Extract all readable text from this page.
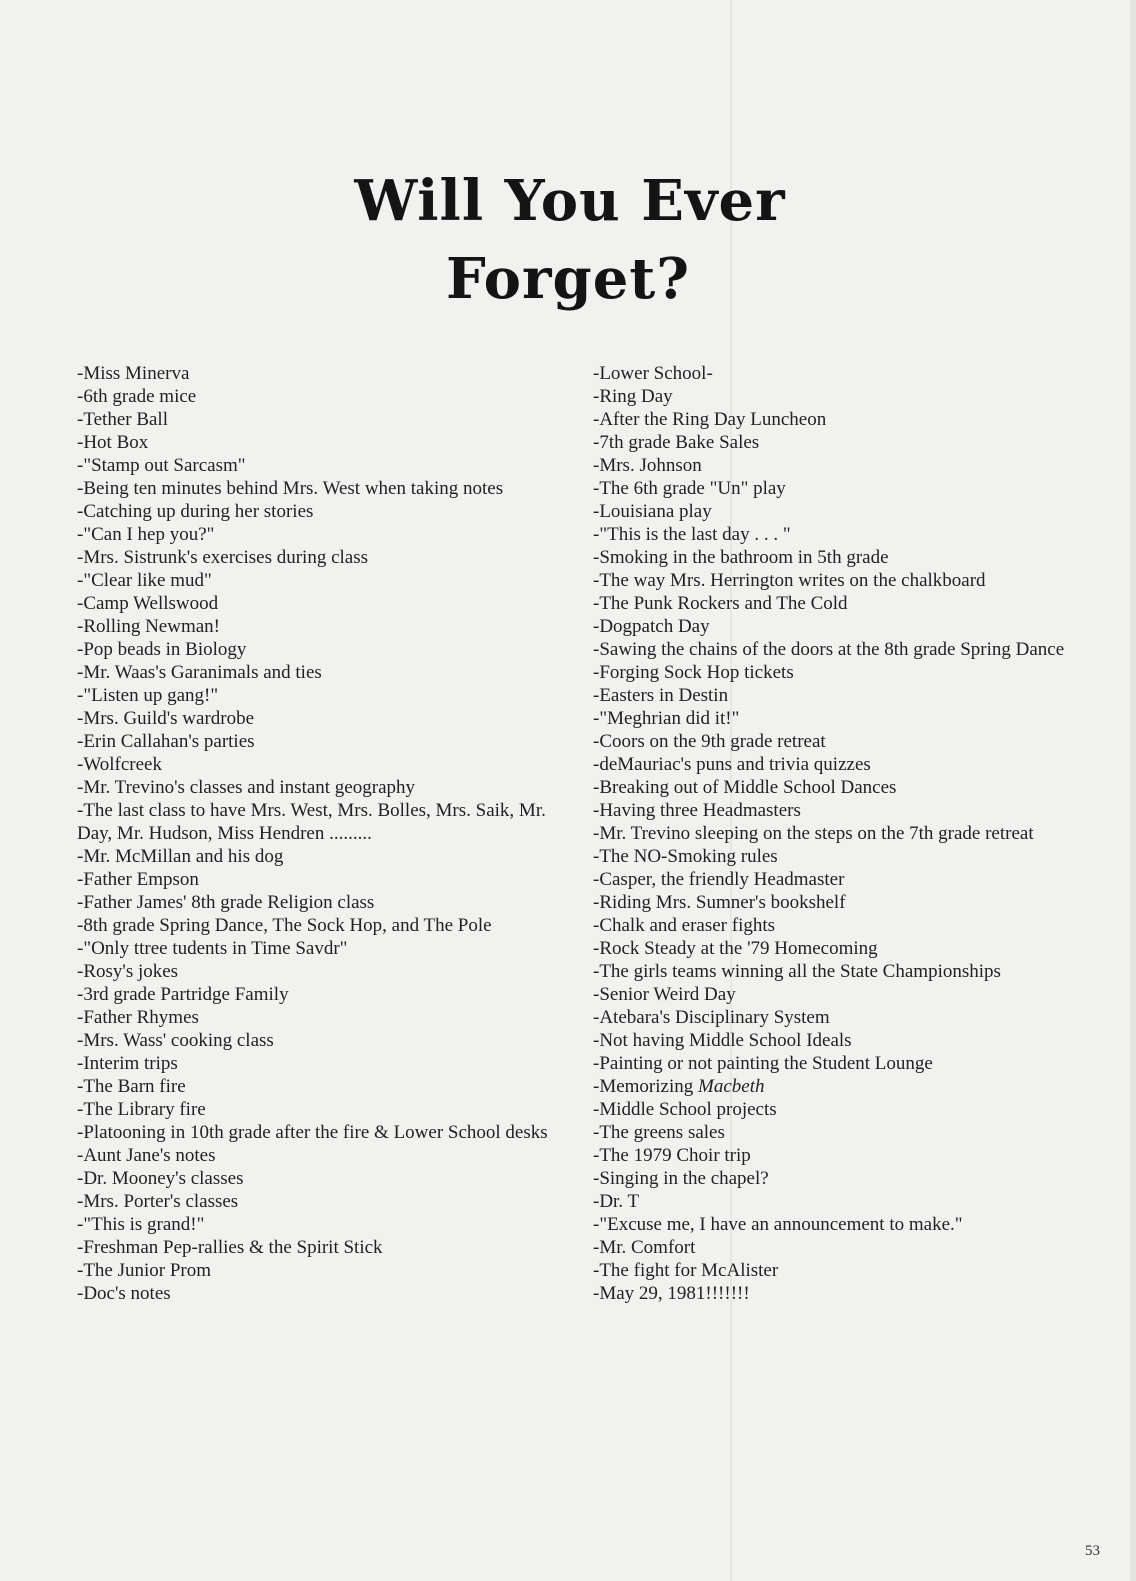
Will You Ever
Forget?
-Miss Minerva
-6th grade mice
-Tether Ball
-Hot Box
-"Stamp out Sarcasm"
-Being ten minutes behind Mrs. West when taking notes
-Catching up during her stories
-"Can I hep you?"
-Mrs. Sistrunk's exercises during class
-"Clear like mud"
-Camp Wellswood
-Rolling Newman!
-Pop beads in Biology
-Mr. Waas's Garanimals and ties
-"Listen up gang!"
-Mrs. Guild's wardrobe
-Erin Callahan's parties
-Wolfcreek
-Mr. Trevino's classes and instant geography
-The last class to have Mrs. West, Mrs. Bolles, Mrs. Saik, Mr. Day, Mr. Hudson, Miss Hendren .........
-Mr. McMillan and his dog
-Father Empson
-Father James' 8th grade Religion class
-8th grade Spring Dance, The Sock Hop, and The Pole
-"Only ttree tudents in Time Savdr"
-Rosy's jokes
-3rd grade Partridge Family
-Father Rhymes
-Mrs. Wass' cooking class
-Interim trips
-The Barn fire
-The Library fire
-Platooning in 10th grade after the fire & Lower School desks
-Aunt Jane's notes
-Dr. Mooney's classes
-Mrs. Porter's classes
-"This is grand!"
-Freshman Pep-rallies & the Spirit Stick
-The Junior Prom
-Doc's notes
-Lower School-
-Ring Day
-After the Ring Day Luncheon
-7th grade Bake Sales
-Mrs. Johnson
-The 6th grade "Un" play
-Louisiana play
-"This is the last day . . . "
-Smoking in the bathroom in 5th grade
-The way Mrs. Herrington writes on the chalkboard
-The Punk Rockers and The Cold
-Dogpatch Day
-Sawing the chains of the doors at the 8th grade Spring Dance
-Forging Sock Hop tickets
-Easters in Destin
-"Meghrian did it!"
-Coors on the 9th grade retreat
-deMauriac's puns and trivia quizzes
-Breaking out of Middle School Dances
-Having three Headmasters
-Mr. Trevino sleeping on the steps on the 7th grade retreat
-The NO-Smoking rules
-Casper, the friendly Headmaster
-Riding Mrs. Sumner's bookshelf
-Chalk and eraser fights
-Rock Steady at the '79 Homecoming
-The girls teams winning all the State Championships
-Senior Weird Day
-Atebara's Disciplinary System
-Not having Middle School Ideals
-Painting or not painting the Student Lounge
-Memorizing Macbeth
-Middle School projects
-The greens sales
-The 1979 Choir trip
-Singing in the chapel?
-Dr. T
-"Excuse me, I have an announcement to make."
-Mr. Comfort
-The fight for McAlister
-May 29, 1981!!!!!!!
53
